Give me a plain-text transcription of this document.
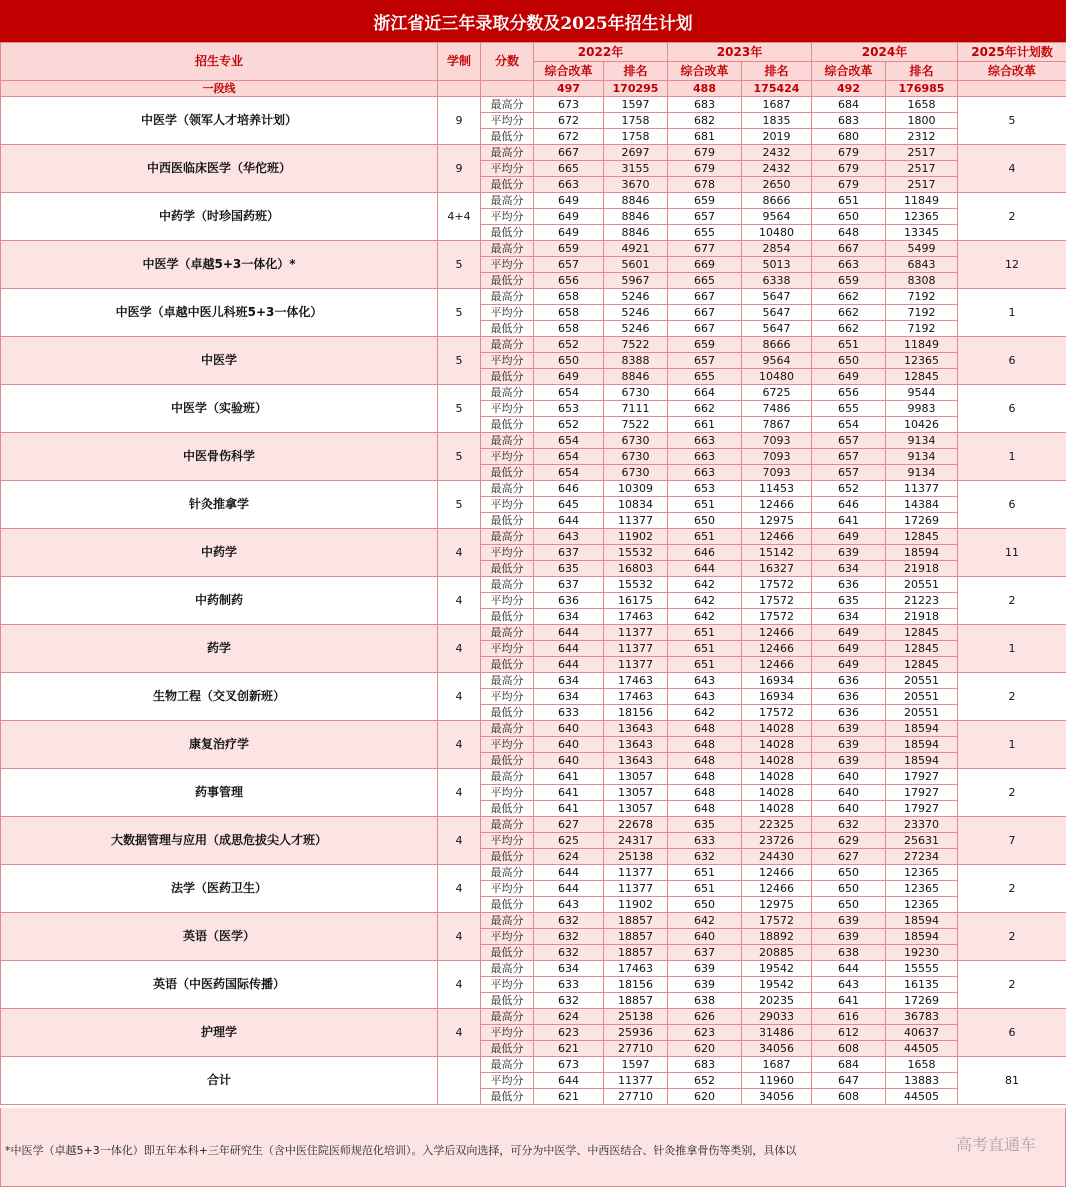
浙江省近三年录取分数及2025年招生计划
招生专业	学制	分数	2022年		2023年		2024年		2025年计划数
			综合改革	排名	综合改革	排名	综合改革	排名	综合改革
一段线			497	170295	488	175424	492	176985	
中医学（领军人才培养计划）	9	最高分	673	1597	683	1687	684	1658	5
		平均分	672	1758	682	1835	683	1800	
		最低分	672	1758	681	2019	680	2312	
中西医临床医学（华佗班）	9	最高分	667	2697	679	2432	679	2517	4
		平均分	665	3155	679	2432	679	2517	
		最低分	663	3670	678	2650	679	2517	
中药学（时珍国药班）	4+4	最高分	649	8846	659	8666	651	11849	2
		平均分	649	8846	657	9564	650	12365	
		最低分	649	8846	655	10480	648	13345	
中医学（卓越5+3一体化）*	5	最高分	659	4921	677	2854	667	5499	12
		平均分	657	5601	669	5013	663	6843	
		最低分	656	5967	665	6338	659	8308	
中医学（卓越中医儿科班5+3一体化）	5	最高分	658	5246	667	5647	662	7192	1
		平均分	658	5246	667	5647	662	7192	
		最低分	658	5246	667	5647	662	7192	
中医学	5	最高分	652	7522	659	8666	651	11849	6
		平均分	650	8388	657	9564	650	12365	
		最低分	649	8846	655	10480	649	12845	
中医学（实验班）	5	最高分	654	6730	664	6725	656	9544	6
		平均分	653	7111	662	7486	655	9983	
		最低分	652	7522	661	7867	654	10426	
中医骨伤科学	5	最高分	654	6730	663	7093	657	9134	1
		平均分	654	6730	663	7093	657	9134	
		最低分	654	6730	663	7093	657	9134	
针灸推拿学	5	最高分	646	10309	653	11453	652	11377	6
		平均分	645	10834	651	12466	646	14384	
		最低分	644	11377	650	12975	641	17269	
中药学	4	最高分	643	11902	651	12466	649	12845	11
		平均分	637	15532	646	15142	639	18594	
		最低分	635	16803	644	16327	634	21918	
中药制药	4	最高分	637	15532	642	17572	636	20551	2
		平均分	636	16175	642	17572	635	21223	
		最低分	634	17463	642	17572	634	21918	
药学	4	最高分	644	11377	651	12466	649	12845	1
		平均分	644	11377	651	12466	649	12845	
		最低分	644	11377	651	12466	649	12845	
生物工程（交叉创新班）	4	最高分	634	17463	643	16934	636	20551	2
		平均分	634	17463	643	16934	636	20551	
		最低分	633	18156	642	17572	636	20551	
康复治疗学	4	最高分	640	13643	648	14028	639	18594	1
		平均分	640	13643	648	14028	639	18594	
		最低分	640	13643	648	14028	639	18594	
药事管理	4	最高分	641	13057	648	14028	640	17927	2
		平均分	641	13057	648	14028	640	17927	
		最低分	641	13057	648	14028	640	17927	
大数据管理与应用（成思危拔尖人才班）	4	最高分	627	22678	635	22325	632	23370	7
		平均分	625	24317	633	23726	629	25631	
		最低分	624	25138	632	24430	627	27234	
法学（医药卫生）	4	最高分	644	11377	651	12466	650	12365	2
		平均分	644	11377	651	12466	650	12365	
		最低分	643	11902	650	12975	650	12365	
英语（医学）	4	最高分	632	18857	642	17572	639	18594	2
		平均分	632	18857	640	18892	639	18594	
		最低分	632	18857	637	20885	638	19230	
英语（中医药国际传播）	4	最高分	634	17463	639	19542	644	15555	2
		平均分	633	18156	639	19542	643	16135	
		最低分	632	18857	638	20235	641	17269	
护理学	4	最高分	624	25138	626	29033	616	36783	6
		平均分	623	25936	623	31486	612	40637	
		最低分	621	27710	620	34056	608	44505	
合计		最高分	673	1597	683	1687	684	1658	81
		平均分	644	11377	652	11960	647	13883	
		最低分	621	27710	620	34056	608	44505	
*中医学（卓越5+3一体化）即五年本科+三年研究生（含中医住院医师规范化培训）。入学后双向选择，可分为中医学、中西医结合、针灸推拿骨伤等类别，具体以	高考直通车
